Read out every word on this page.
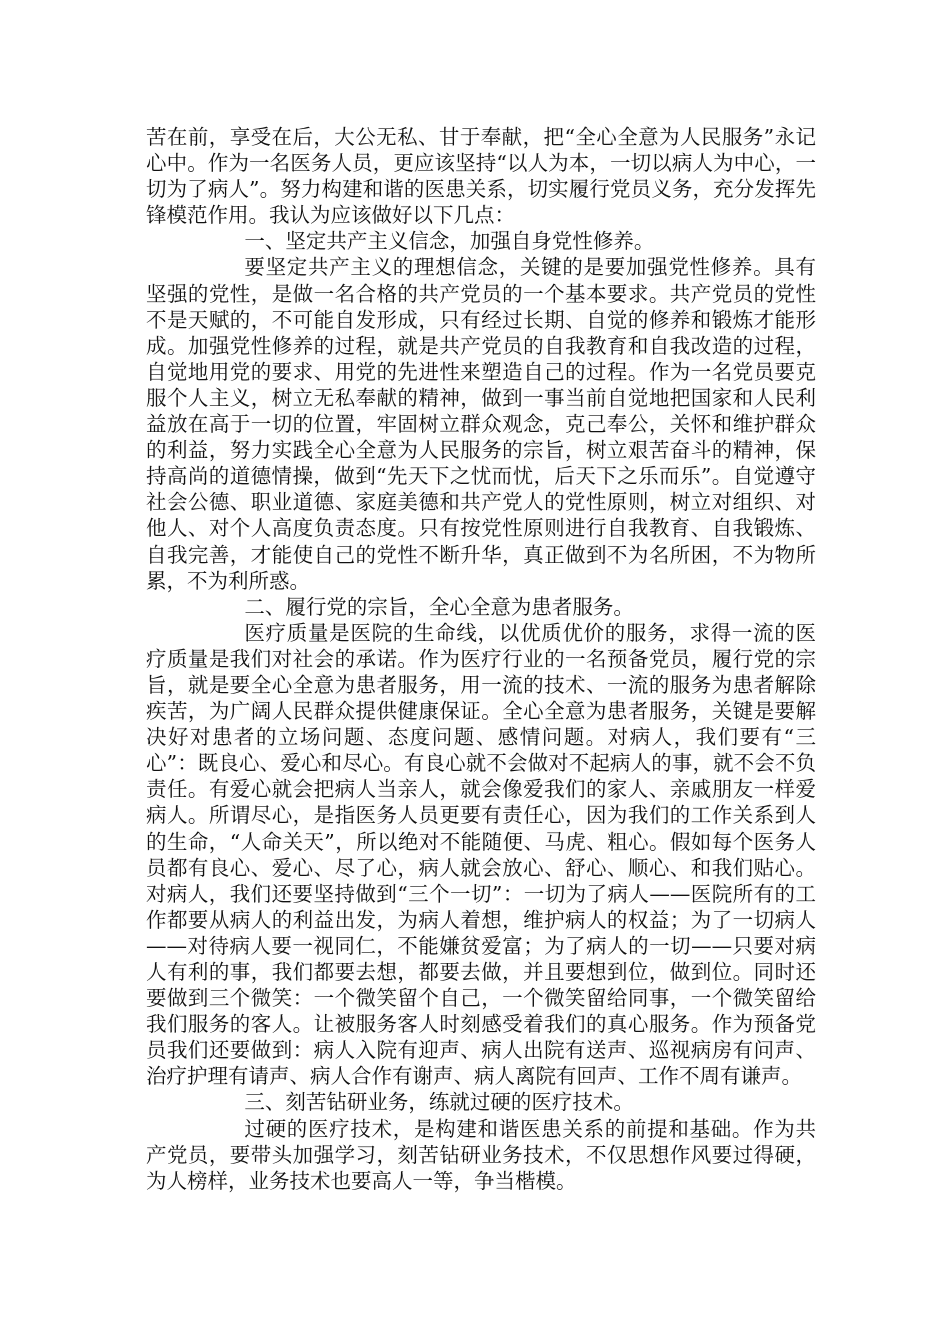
苦在前，享受在后，大公无私、甘于奉献，把“全心全意为人民服务”永记心中。作为一名医务人员，更应该坚持“以人为本，一切以病人为中心，一切为了病人”。努力构建和谐的医患关系，切实履行党员义务，充分发挥先锋模范作用。我认为应该做好以下几点：

一、坚定共产主义信念，加强自身党性修养。

要坚定共产主义的理想信念，关键的是要加强党性修养。具有坚强的党性，是做一名合格的共产党员的一个基本要求。共产党员的党性不是天赋的，不可能自发形成，只有经过长期、自觉的修养和锻炼才能形成。加强党性修养的过程，就是共产党员的自我教育和自我改造的过程，自觉地用党的要求、用党的先进性来塑造自己的过程。作为一名党员要克服个人主义，树立无私奉献的精神，做到一事当前自觉地把国家和人民利益放在高于一切的位置，牢固树立群众观念，克己奉公，关怀和维护群众的利益，努力实践全心全意为人民服务的宗旨，树立艰苦奋斗的精神，保持高尚的道德情操，做到“先天下之忧而忧，后天下之乐而乐”。自觉遵守社会公德、职业道德、家庭美德和共产党人的党性原则，树立对组织、对他人、对个人高度负责态度。只有按党性原则进行自我教育、自我锻炼、自我完善，才能使自己的党性不断升华，真正做到不为名所困，不为物所累，不为利所惑。

二、履行党的宗旨，全心全意为患者服务。

医疗质量是医院的生命线，以优质优价的服务，求得一流的医疗质量是我们对社会的承诺。作为医疗行业的一名预备党员，履行党的宗旨，就是要全心全意为患者服务，用一流的技术、一流的服务为患者解除疾苦，为广阔人民群众提供健康保证。全心全意为患者服务，关键是要解决好对患者的立场问题、态度问题、感情问题。对病人，我们要有“三心”：既良心、爱心和尽心。有良心就不会做对不起病人的事，就不会不负责任。有爱心就会把病人当亲人，就会像爱我们的家人、亲戚朋友一样爱病人。所谓尽心，是指医务人员更要有责任心，因为我们的工作关系到人的生命，“人命关天”，所以绝对不能随便、马虎、粗心。假如每个医务人员都有良心、爱心、尽了心，病人就会放心、舒心、顺心、和我们贴心。对病人，我们还要坚持做到“三个一切”：一切为了病人——医院所有的工作都要从病人的利益出发，为病人着想，维护病人的权益；为了一切病人——对待病人要一视同仁，不能嫌贫爱富；为了病人的一切——只要对病人有利的事，我们都要去想，都要去做，并且要想到位，做到位。同时还要做到三个微笑：一个微笑留个自己，一个微笑留给同事，一个微笑留给我们服务的客人。让被服务客人时刻感受着我们的真心服务。作为预备党员我们还要做到：病人入院有迎声、病人出院有送声、巡视病房有问声、治疗护理有请声、病人合作有谢声、病人离院有回声、工作不周有谦声。

三、刻苦钻研业务，练就过硬的医疗技术。

过硬的医疗技术，是构建和谐医患关系的前提和基础。作为共产党员，要带头加强学习，刻苦钻研业务技术，不仅思想作风要过得硬，为人榜样，业务技术也要高人一等，争当楷模。
